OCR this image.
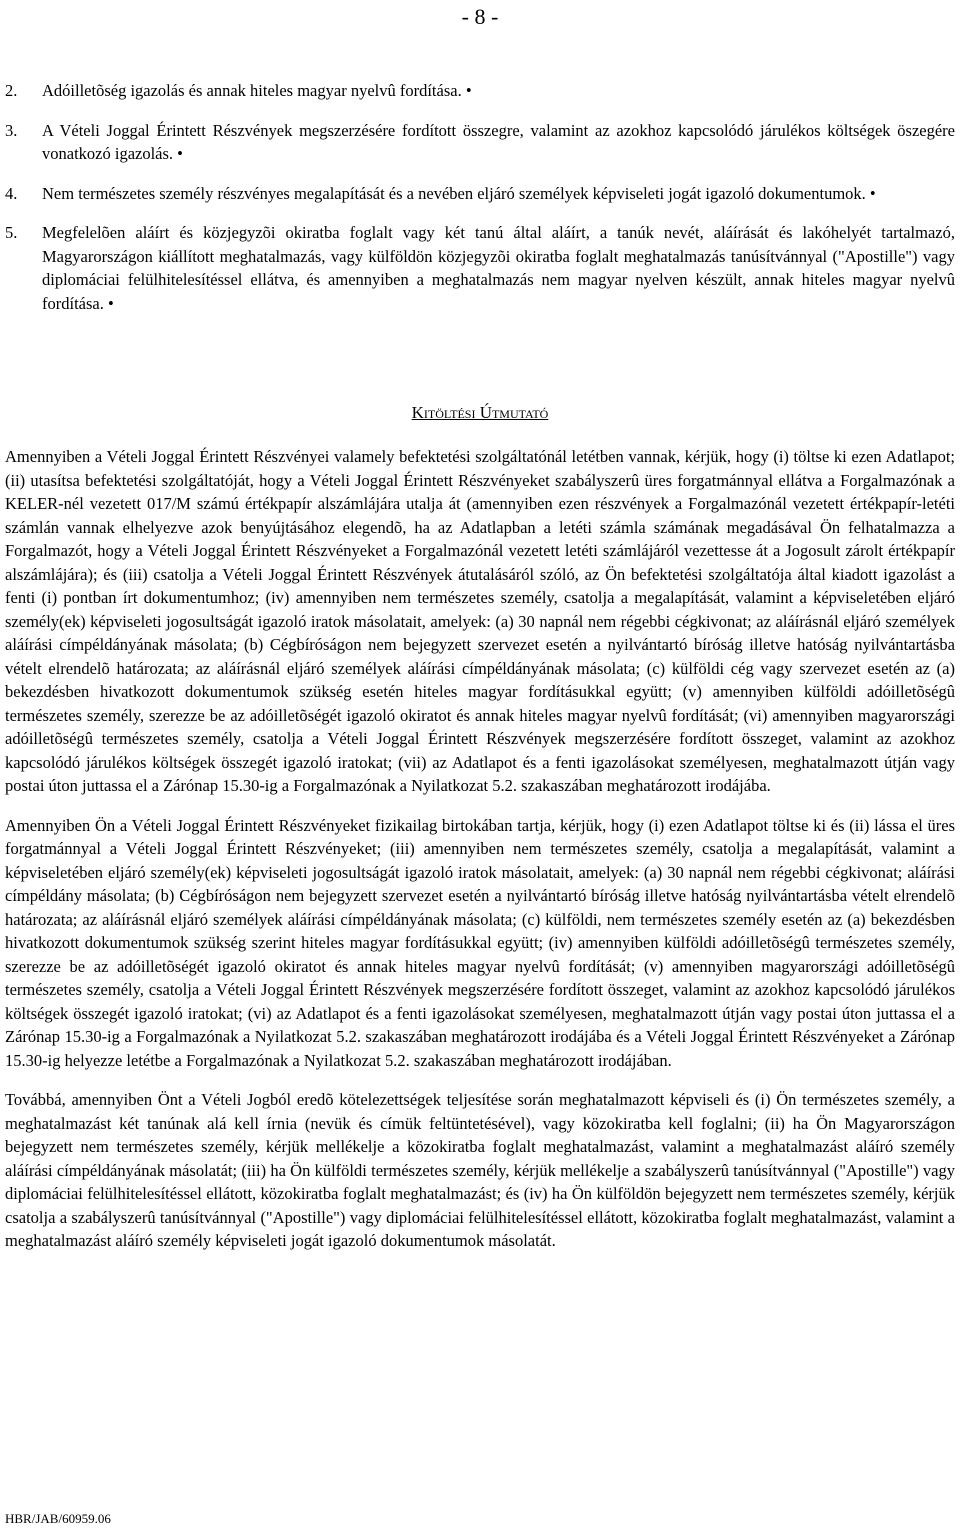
- 8 -
2. Adóilletõség igazolás és annak hiteles magyar nyelvû fordítása. •
3. A Vételi Joggal Érintett Részvények megszerzésére fordított összegre, valamint az azokhoz kapcsolódó járulékos költségek öszegére vonatkozó igazolás. •
4. Nem természetes személy részvényes megalapítását és a nevében eljáró személyek képviseleti jogát igazoló dokumentumok. •
5. Megfelelõen aláírt és közjegyzõi okiratba foglalt vagy két tanú által aláírt, a tanúk nevét, aláírását és lakóhelyét tartalmazó, Magyarországon kiállított meghatalmazás, vagy külföldön közjegyzõi okiratba foglalt meghatalmazás tanúsítvánnyal ("Apostille") vagy diplomáciai felülhitelesítéssel ellátva, és amennyiben a meghatalmazás nem magyar nyelven készült, annak hiteles magyar nyelvû fordítása. •
Kitöltési Útmutató

Amennyiben a Vételi Joggal Érintett Részvényei valamely befektetési szolgáltatónál letétben vannak, kérjük, hogy (i) töltse ki ezen Adatlapot; (ii) utasítsa befektetési szolgáltatóját, hogy a Vételi Joggal Érintett Részvényeket szabályszerû üres forgatmánnyal ellátva a Forgalmazónak a KELER-nél vezetett 017/M számú értékpapír alszámlájára utalja át (amennyiben ezen részvények a Forgalmazónál vezetett értékpapír-letéti számlán vannak elhelyezve azok benyújtásához elegendõ, ha az Adatlapban a letéti számla számának megadásával Ön felhatalmazza a Forgalmazót, hogy a Vételi Joggal Érintett Részvényeket a Forgalmazónál vezetett letéti számlájáról vezettesse át a Jogosult zárolt értékpapír alszámlájára); és (iii) csatolja a Vételi Joggal Érintett Részvények átutalásáról szóló, az Ön befektetési szolgáltatója által kiadott igazolást a fenti (i) pontban írt dokumentumhoz; (iv) amennyiben nem természetes személy, csatolja a megalapítását, valamint a képviseletében eljáró személy(ek) képviseleti jogosultságát igazoló iratok másolatait, amelyek: (a) 30 napnál nem régebbi cégkivonat; az aláírásnál eljáró személyek aláírási címpéldányának másolata; (b) Cégbíróságon nem bejegyzett szervezet esetén a nyilvántartó bíróság illetve hatóság nyilvántartásba vételt elrendelõ határozata; az aláírásnál eljáró személyek aláírási címpéldányának másolata; (c) külföldi cég vagy szervezet esetén az (a) bekezdésben hivatkozott dokumentumok szükség esetén hiteles magyar fordításukkal együtt; (v) amennyiben külföldi adóilletõségû természetes személy, szerezze be az adóilletõségét igazoló okiratot és annak hiteles magyar nyelvû fordítását; (vi) amennyiben magyarországi adóilletõségû természetes személy, csatolja a Vételi Joggal Érintett Részvények megszerzésére fordított összeget, valamint az azokhoz kapcsolódó járulékos költségek összegét igazoló iratokat; (vii) az Adatlapot és a fenti igazolásokat személyesen, meghatalmazott útján vagy postai úton juttassa el a Zárónap 15.30-ig a Forgalmazónak a Nyilatkozat 5.2. szakaszában meghatározott irodájába.

Amennyiben Ön a Vételi Joggal Érintett Részvényeket fizikailag birtokában tartja, kérjük, hogy (i) ezen Adatlapot töltse ki és (ii) lássa el üres forgatmánnyal a Vételi Joggal Érintett Részvényeket; (iii) amennyiben nem természetes személy, csatolja a megalapítását, valamint a képviseletében eljáró személy(ek) képviseleti jogosultságát igazoló iratok másolatait, amelyek: (a) 30 napnál nem régebbi cégkivonat; aláírási címpéldány másolata; (b) Cégbíróságon nem bejegyzett szervezet esetén a nyilvántartó bíróság illetve hatóság nyilvántartásba vételt elrendelõ határozata; az aláírásnál eljáró személyek aláírási címpéldányának másolata; (c) külföldi, nem természetes személy esetén az (a) bekezdésben hivatkozott dokumentumok szükség szerint hiteles magyar fordításukkal együtt; (iv) amennyiben külföldi adóilletõségû természetes személy, szerezze be az adóilletõségét igazoló okiratot és annak hiteles magyar nyelvû fordítását; (v) amennyiben magyarországi adóilletõségû természetes személy, csatolja a Vételi Joggal Érintett Részvények megszerzésére fordított összeget, valamint az azokhoz kapcsolódó járulékos költségek összegét igazoló iratokat; (vi) az Adatlapot és a fenti igazolásokat személyesen, meghatalmazott útján vagy postai úton juttassa el a Zárónap 15.30-ig a Forgalmazónak a Nyilatkozat 5.2. szakaszában meghatározott irodájába és a Vételi Joggal Érintett Részvényeket a Zárónap 15.30-ig helyezze letétbe a Forgalmazónak a Nyilatkozat 5.2. szakaszában meghatározott irodájában.

Továbbá, amennyiben Önt a Vételi Jogból eredõ kötelezettségek teljesítése során meghatalmazott képviseli és (i) Ön természetes személy, a meghatalmazást két tanúnak alá kell írnia (nevük és címük feltüntetésével), vagy közokiratba kell foglalni; (ii) ha Ön Magyarországon bejegyzett nem természetes személy, kérjük mellékelje a közokiratba foglalt meghatalmazást, valamint a meghatalmazást aláíró személy aláírási címpéldányának másolatát; (iii) ha Ön külföldi természetes személy, kérjük mellékelje a szabályszerû tanúsítvánnyal ("Apostille") vagy diplomáciai felülhitelesítéssel ellátott, közokiratba foglalt meghatalmazást; és (iv) ha Ön külföldön bejegyzett nem természetes személy, kérjük csatolja a szabályszerû tanúsítvánnyal ("Apostille") vagy diplomáciai felülhitelesítéssel ellátott, közokiratba foglalt meghatalmazást, valamint a meghatalmazást aláíró személy képviseleti jogát igazoló dokumentumok másolatát.

HBR/JAB/60959.06
